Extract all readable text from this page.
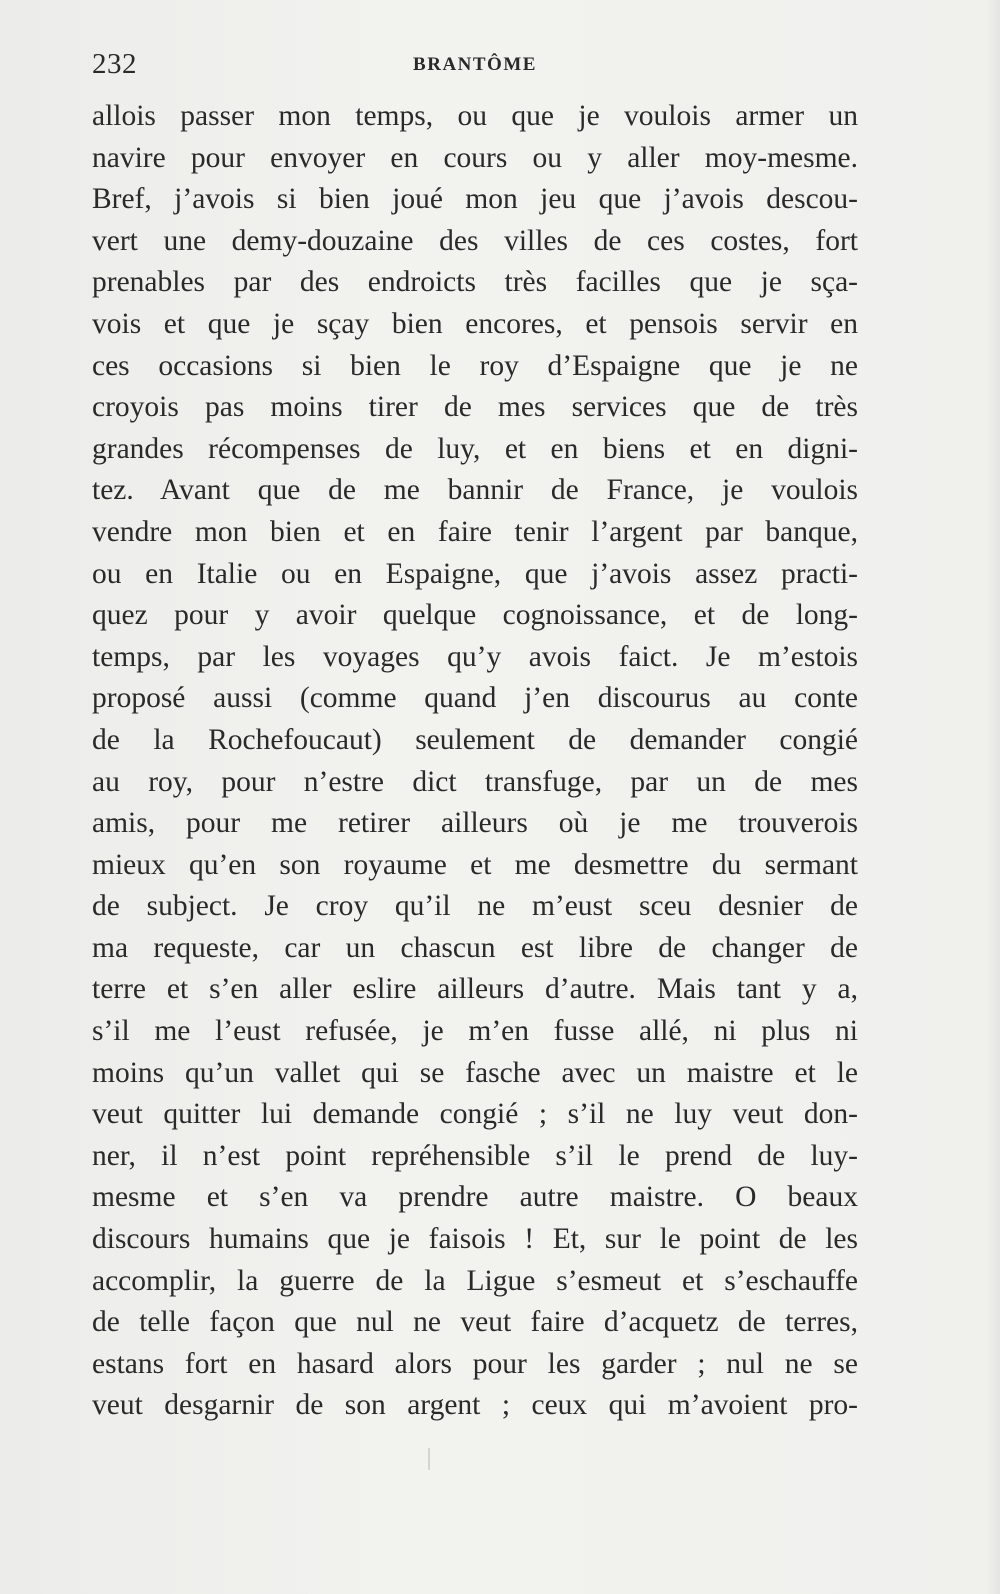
232	BRANTÔME
allois passer mon temps, ou que je voulois armer un
navire pour envoyer en cours ou y aller moy-mesme.
Bref, j’avois si bien joué mon jeu que j’avois descou-
vert une demy-douzaine des villes de ces costes, fort
prenables par des endroicts très facilles que je sça-
vois et que je sçay bien encores, et pensois servir en
ces occasions si bien le roy d’Espaigne que je ne
croyois pas moins tirer de mes services que de très
grandes récompenses de luy, et en biens et en digni-
tez. Avant que de me bannir de France, je voulois
vendre mon bien et en faire tenir l’argent par banque,
ou en Italie ou en Espaigne, que j’avois assez practi-
quez pour y avoir quelque cognoissance, et de long-
temps, par les voyages qu’y avois faict. Je m’estois
proposé aussi (comme quand j’en discourus au conte
de la Rochefoucaut) seulement de demander congié
au roy, pour n’estre dict transfuge, par un de mes
amis, pour me retirer ailleurs où je me trouverois
mieux qu’en son royaume et me desmettre du sermant
de subject. Je croy qu’il ne m’eust sceu desnier de
ma requeste, car un chascun est libre de changer de
terre et s’en aller eslire ailleurs d’autre. Mais tant y a,
s’il me l’eust refusée, je m’en fusse allé, ni plus ni
moins qu’un vallet qui se fasche avec un maistre et le
veut quitter lui demande congié ; s’il ne luy veut don-
ner, il n’est point repréhensible s’il le prend de luy-
mesme et s’en va prendre autre maistre. O beaux
discours humains que je faisois ! Et, sur le point de les
accomplir, la guerre de la Ligue s’esmeut et s’eschauffe
de telle façon que nul ne veut faire d’acquetz de terres,
estans fort en hasard alors pour les garder ; nul ne se
veut desgarnir de son argent ; ceux qui m’avoient pro-
